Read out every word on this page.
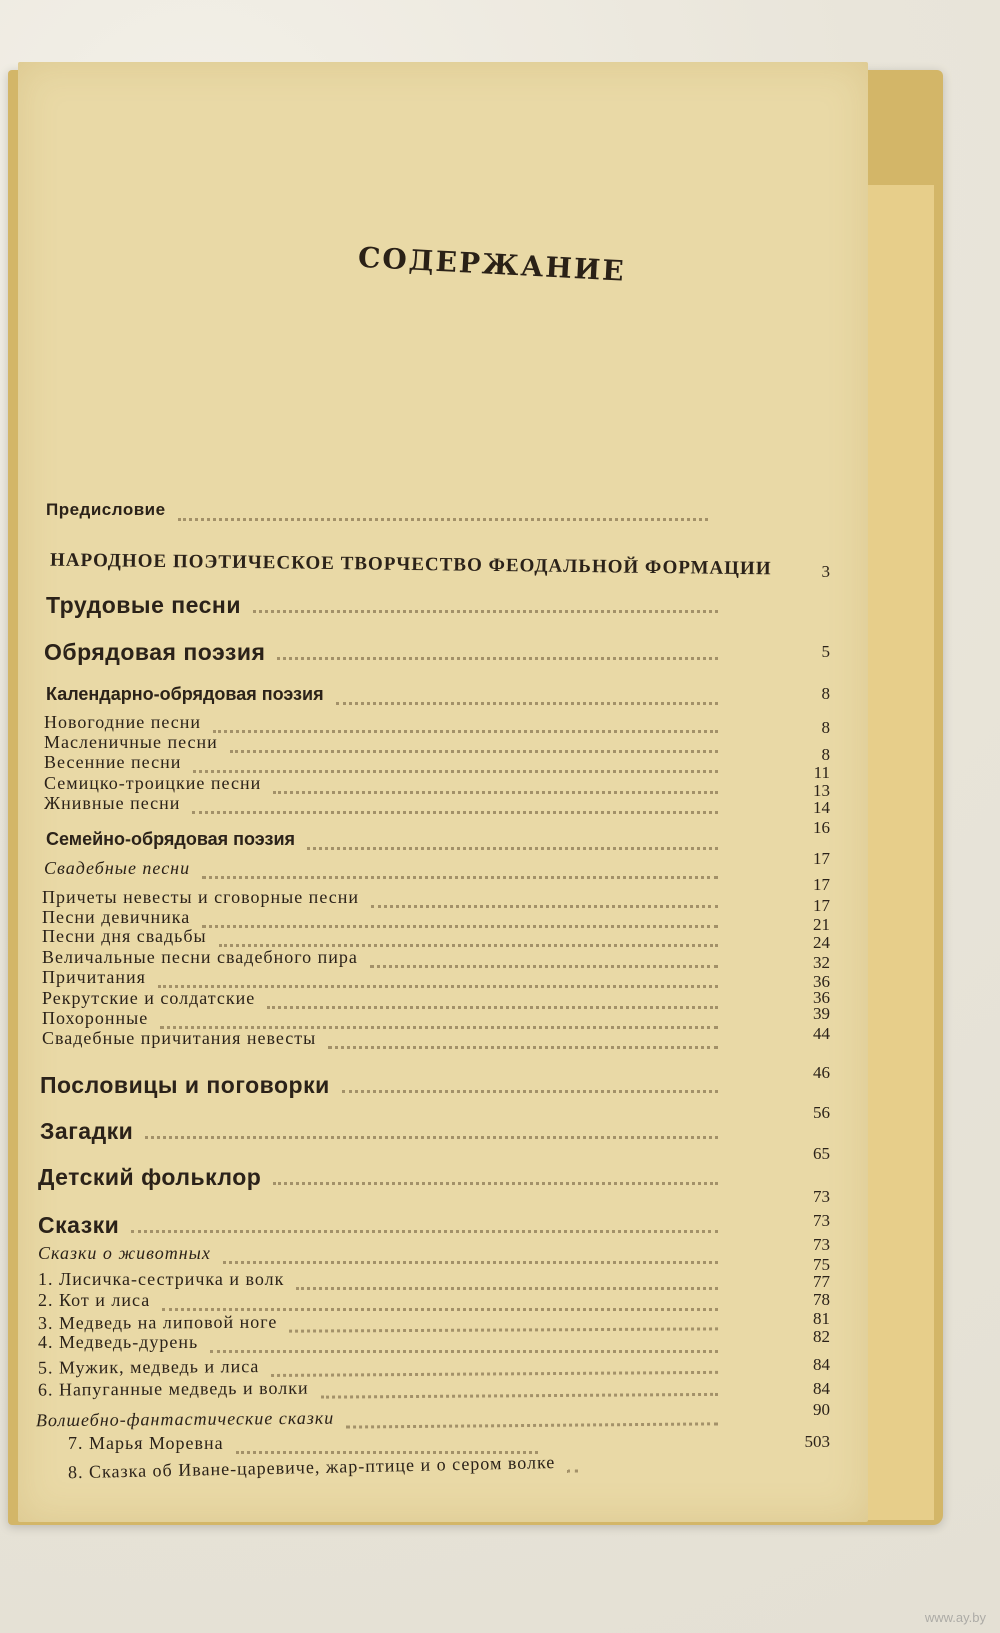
СОДЕРЖАНИЕ
Предисловие
НАРОДНОЕ ПОЭТИЧЕСКОЕ ТВОРЧЕСТВО ФЕОДАЛЬНОЙ ФОРМАЦИИ
Трудовые песни
Обрядовая поэзия
Календарно-обрядовая поэзия
Новогодние песни
Масленичные песни
Весенние песни
Семицко-троицкие песни
Жнивные песни
Семейно-обрядовая поэзия
Свадебные песни
Причеты невесты и сговорные песни
Песни девичника
Песни дня свадьбы
Величальные песни свадебного пира
Причитания
Рекрутские и солдатские
Похоронные
Свадебные причитания невесты
Пословицы и поговорки
Загадки
Детский фольклор
Сказки
Сказки о животных
1. Лисичка-сестричка и волк
2. Кот и лиса
3. Медведь на липовой ноге
4. Медведь-дурень
5. Мужик, медведь и лиса
6. Напуганные медведь и волки
Волшебно-фантастические сказки
7. Марья Моревна
8. Сказка об Иване-царевиче, жар-птице и о сером волке
3
5
8
8
8
11
13
14
16
17
17
17
21
24
32
36
36
39
44
46
56
65
73
73
73
75
77
78
81
82
84
84
90
503
www.ay.by
